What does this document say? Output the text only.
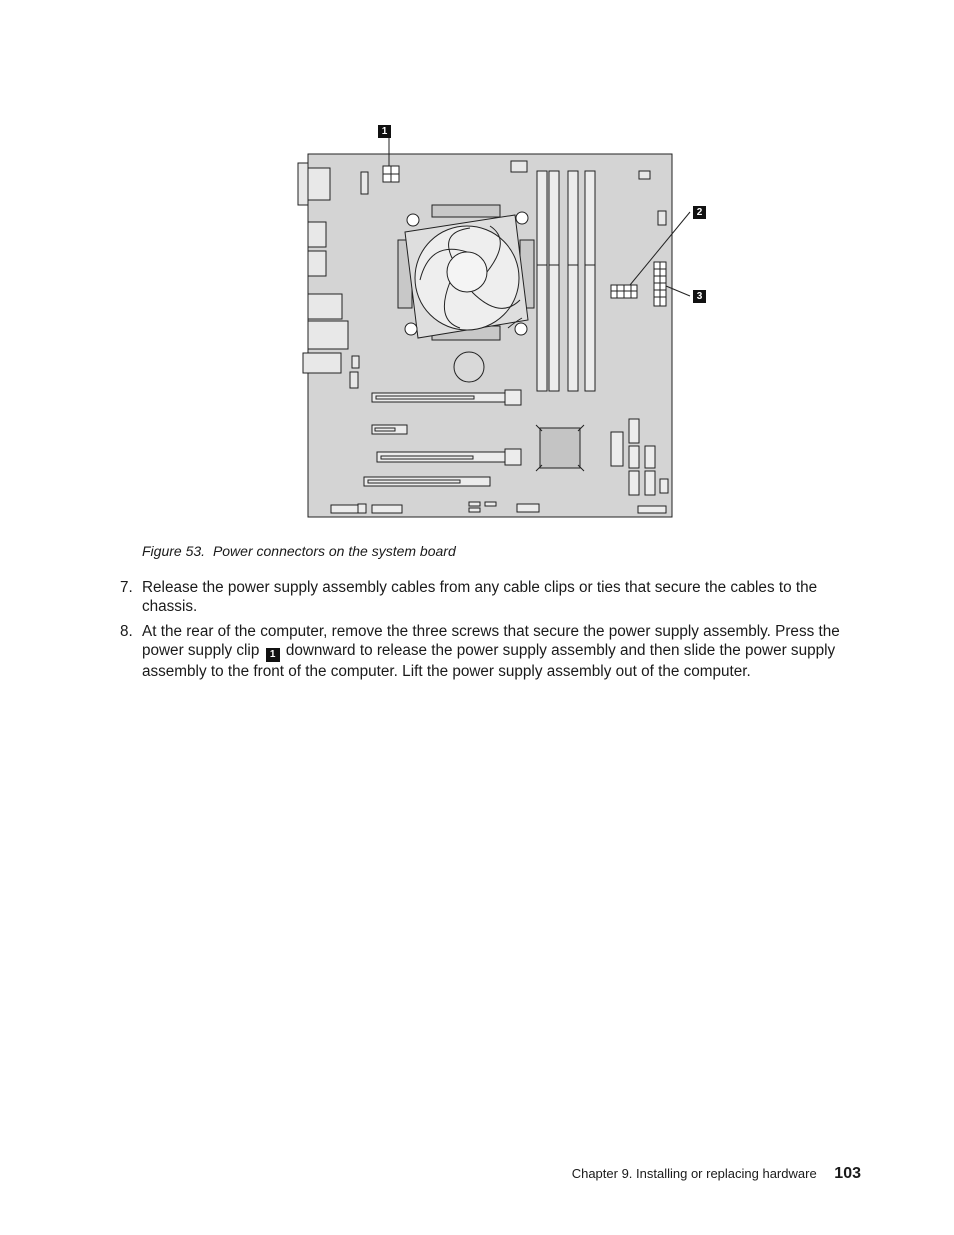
1
2
3
Figure 53. Power connectors on the system board
7. Release the power supply assembly cables from any cable clips or ties that secure the cables to the chassis.
8. At the rear of the computer, remove the three screws that secure the power supply assembly. Press the power supply clip 1 downward to release the power supply assembly and then slide the power supply assembly to the front of the computer. Lift the power supply assembly out of the computer.
Chapter 9. Installing or replacing hardware 103
